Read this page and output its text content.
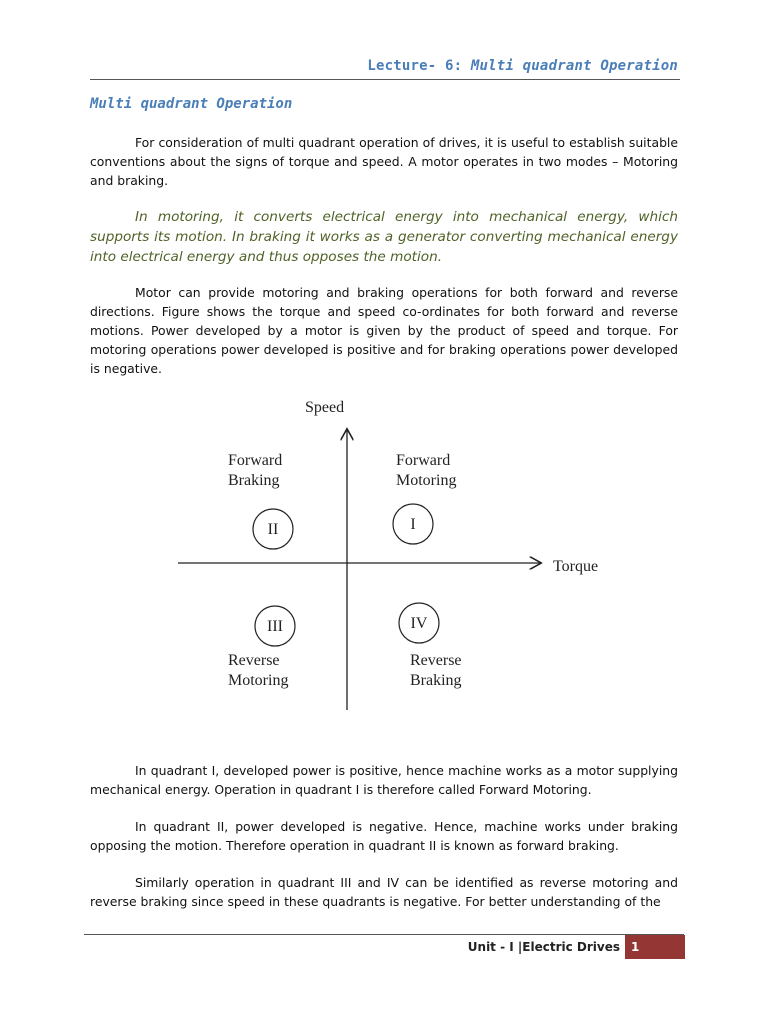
Lecture- 6: Multi quadrant Operation
Multi quadrant Operation
For consideration of multi quadrant operation of drives, it is useful to establish suitable conventions about the signs of torque and speed. A motor operates in two modes – Motoring and braking.
In motoring, it converts electrical energy into mechanical energy, which supports its motion. In braking it works as a generator converting mechanical energy into electrical energy and thus opposes the motion.
Motor can provide motoring and braking operations for both forward and reverse directions. Figure shows the torque and speed co-ordinates for both forward and reverse motions. Power developed by a motor is given by the product of speed and torque. For motoring operations power developed is positive and for braking operations power developed is negative.
Speed
Torque
Forward
Motoring
I
Forward
Braking
II
III
Reverse
Motoring
IV
Reverse
Braking
In quadrant I, developed power is positive, hence machine works as a motor supplying mechanical energy. Operation in quadrant I is therefore called Forward Motoring.
In quadrant II, power developed is negative. Hence, machine works under braking opposing the motion. Therefore operation in quadrant II is known as forward braking.
Similarly operation in quadrant III and IV can be identified as reverse motoring and reverse braking since speed in these quadrants is negative. For better understanding of the
Unit - I |Electric Drives 1
